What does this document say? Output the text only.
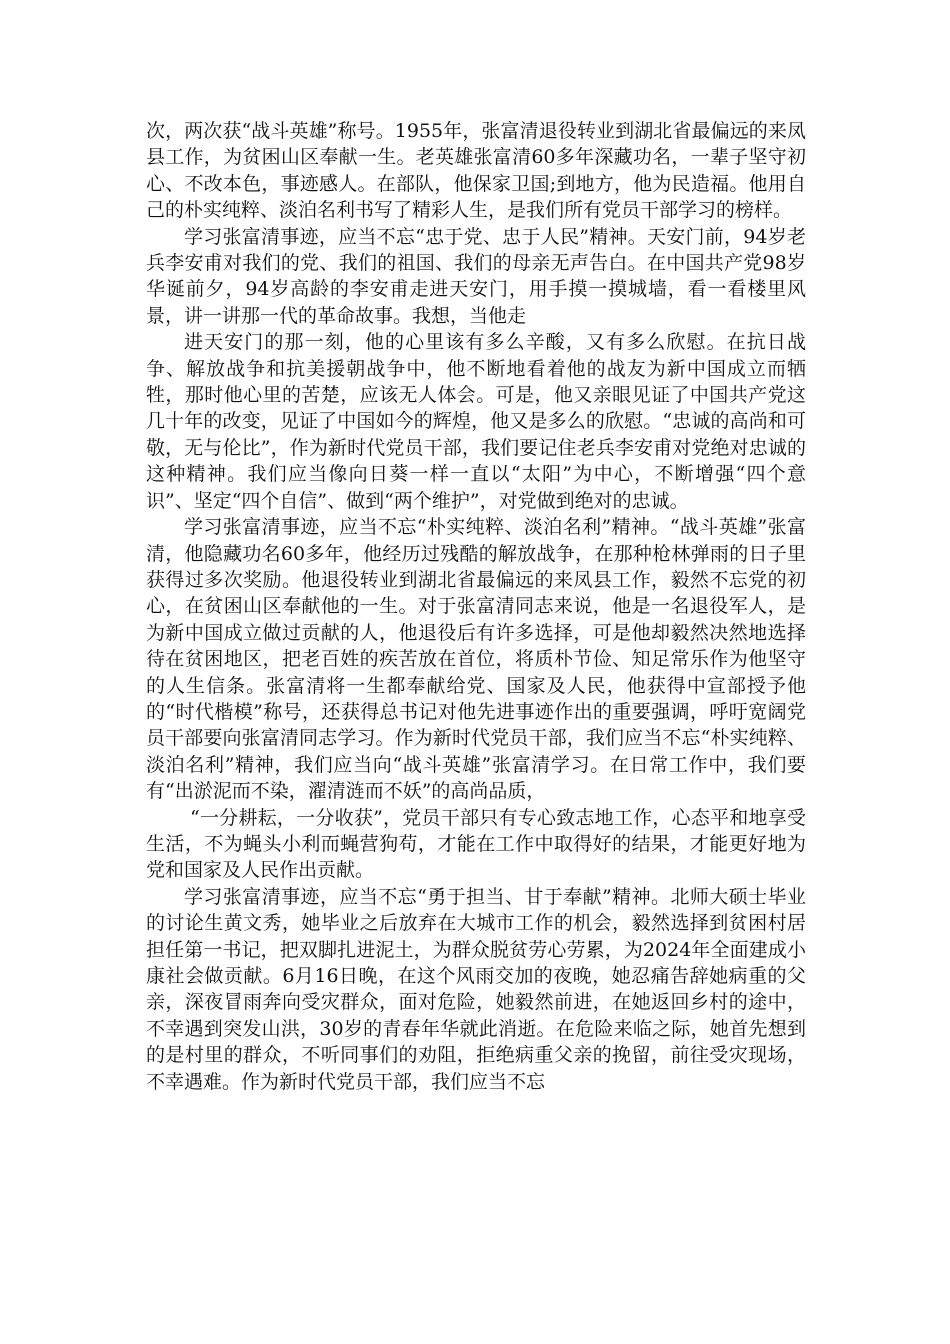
次，两次获“战斗英雄”称号。1955年，张富清退役转业到湖北省最偏远的来凤县工作，为贫困山区奉献一生。老英雄张富清60多年深藏功名，一辈子坚守初心、不改本色，事迹感人。在部队，他保家卫国;到地方，他为民造福。他用自己的朴实纯粹、淡泊名利书写了精彩人生，是我们所有党员干部学习的榜样。

学习张富清事迹，应当不忘“忠于党、忠于人民”精神。天安门前，94岁老兵李安甫对我们的党、我们的祖国、我们的母亲无声告白。在中国共产党98岁华诞前夕，94岁高龄的李安甫走进天安门，用手摸一摸城墙，看一看楼里风景，讲一讲那一代的革命故事。我想，当他走

进天安门的那一刻，他的心里该有多么辛酸，又有多么欣慰。在抗日战争、解放战争和抗美援朝战争中，他不断地看着他的战友为新中国成立而牺牲，那时他心里的苦楚，应该无人体会。可是，他又亲眼见证了中国共产党这几十年的改变，见证了中国如今的辉煌，他又是多么的欣慰。“忠诚的高尚和可敬，无与伦比”，作为新时代党员干部，我们要记住老兵李安甫对党绝对忠诚的这种精神。我们应当像向日葵一样一直以“太阳”为中心，不断增强“四个意识”、坚定“四个自信”、做到“两个维护”，对党做到绝对的忠诚。

学习张富清事迹，应当不忘“朴实纯粹、淡泊名利”精神。“战斗英雄”张富清，他隐藏功名60多年，他经历过残酷的解放战争，在那种枪林弹雨的日子里获得过多次奖励。他退役转业到湖北省最偏远的来凤县工作，毅然不忘党的初心，在贫困山区奉献他的一生。对于张富清同志来说，他是一名退役军人，是为新中国成立做过贡献的人，他退役后有许多选择，可是他却毅然决然地选择待在贫困地区，把老百姓的疾苦放在首位，将质朴节俭、知足常乐作为他坚守的人生信条。张富清将一生都奉献给党、国家及人民，他获得中宣部授予他的“时代楷模”称号，还获得总书记对他先进事迹作出的重要强调，呼吁宽阔党员干部要向张富清同志学习。作为新时代党员干部，我们应当不忘“朴实纯粹、淡泊名利”精神，我们应当向“战斗英雄”张富清学习。在日常工作中，我们要有“出淤泥而不染，濯清涟而不妖”的高尚品质，

“一分耕耘，一分收获”，党员干部只有专心致志地工作，心态平和地享受生活，不为蝇头小利而蝇营狗苟，才能在工作中取得好的结果，才能更好地为党和国家及人民作出贡献。

学习张富清事迹，应当不忘“勇于担当、甘于奉献”精神。北师大硕士毕业的讨论生黄文秀，她毕业之后放弃在大城市工作的机会，毅然选择到贫困村居担任第一书记，把双脚扎进泥土，为群众脱贫劳心劳累，为2024年全面建成小康社会做贡献。6月16日晚，在这个风雨交加的夜晚，她忍痛告辞她病重的父亲，深夜冒雨奔向受灾群众，面对危险，她毅然前进，在她返回乡村的途中，不幸遇到突发山洪，30岁的青春年华就此消逝。在危险来临之际，她首先想到的是村里的群众，不听同事们的劝阻，拒绝病重父亲的挽留，前往受灾现场，不幸遇难。作为新时代党员干部，我们应当不忘
